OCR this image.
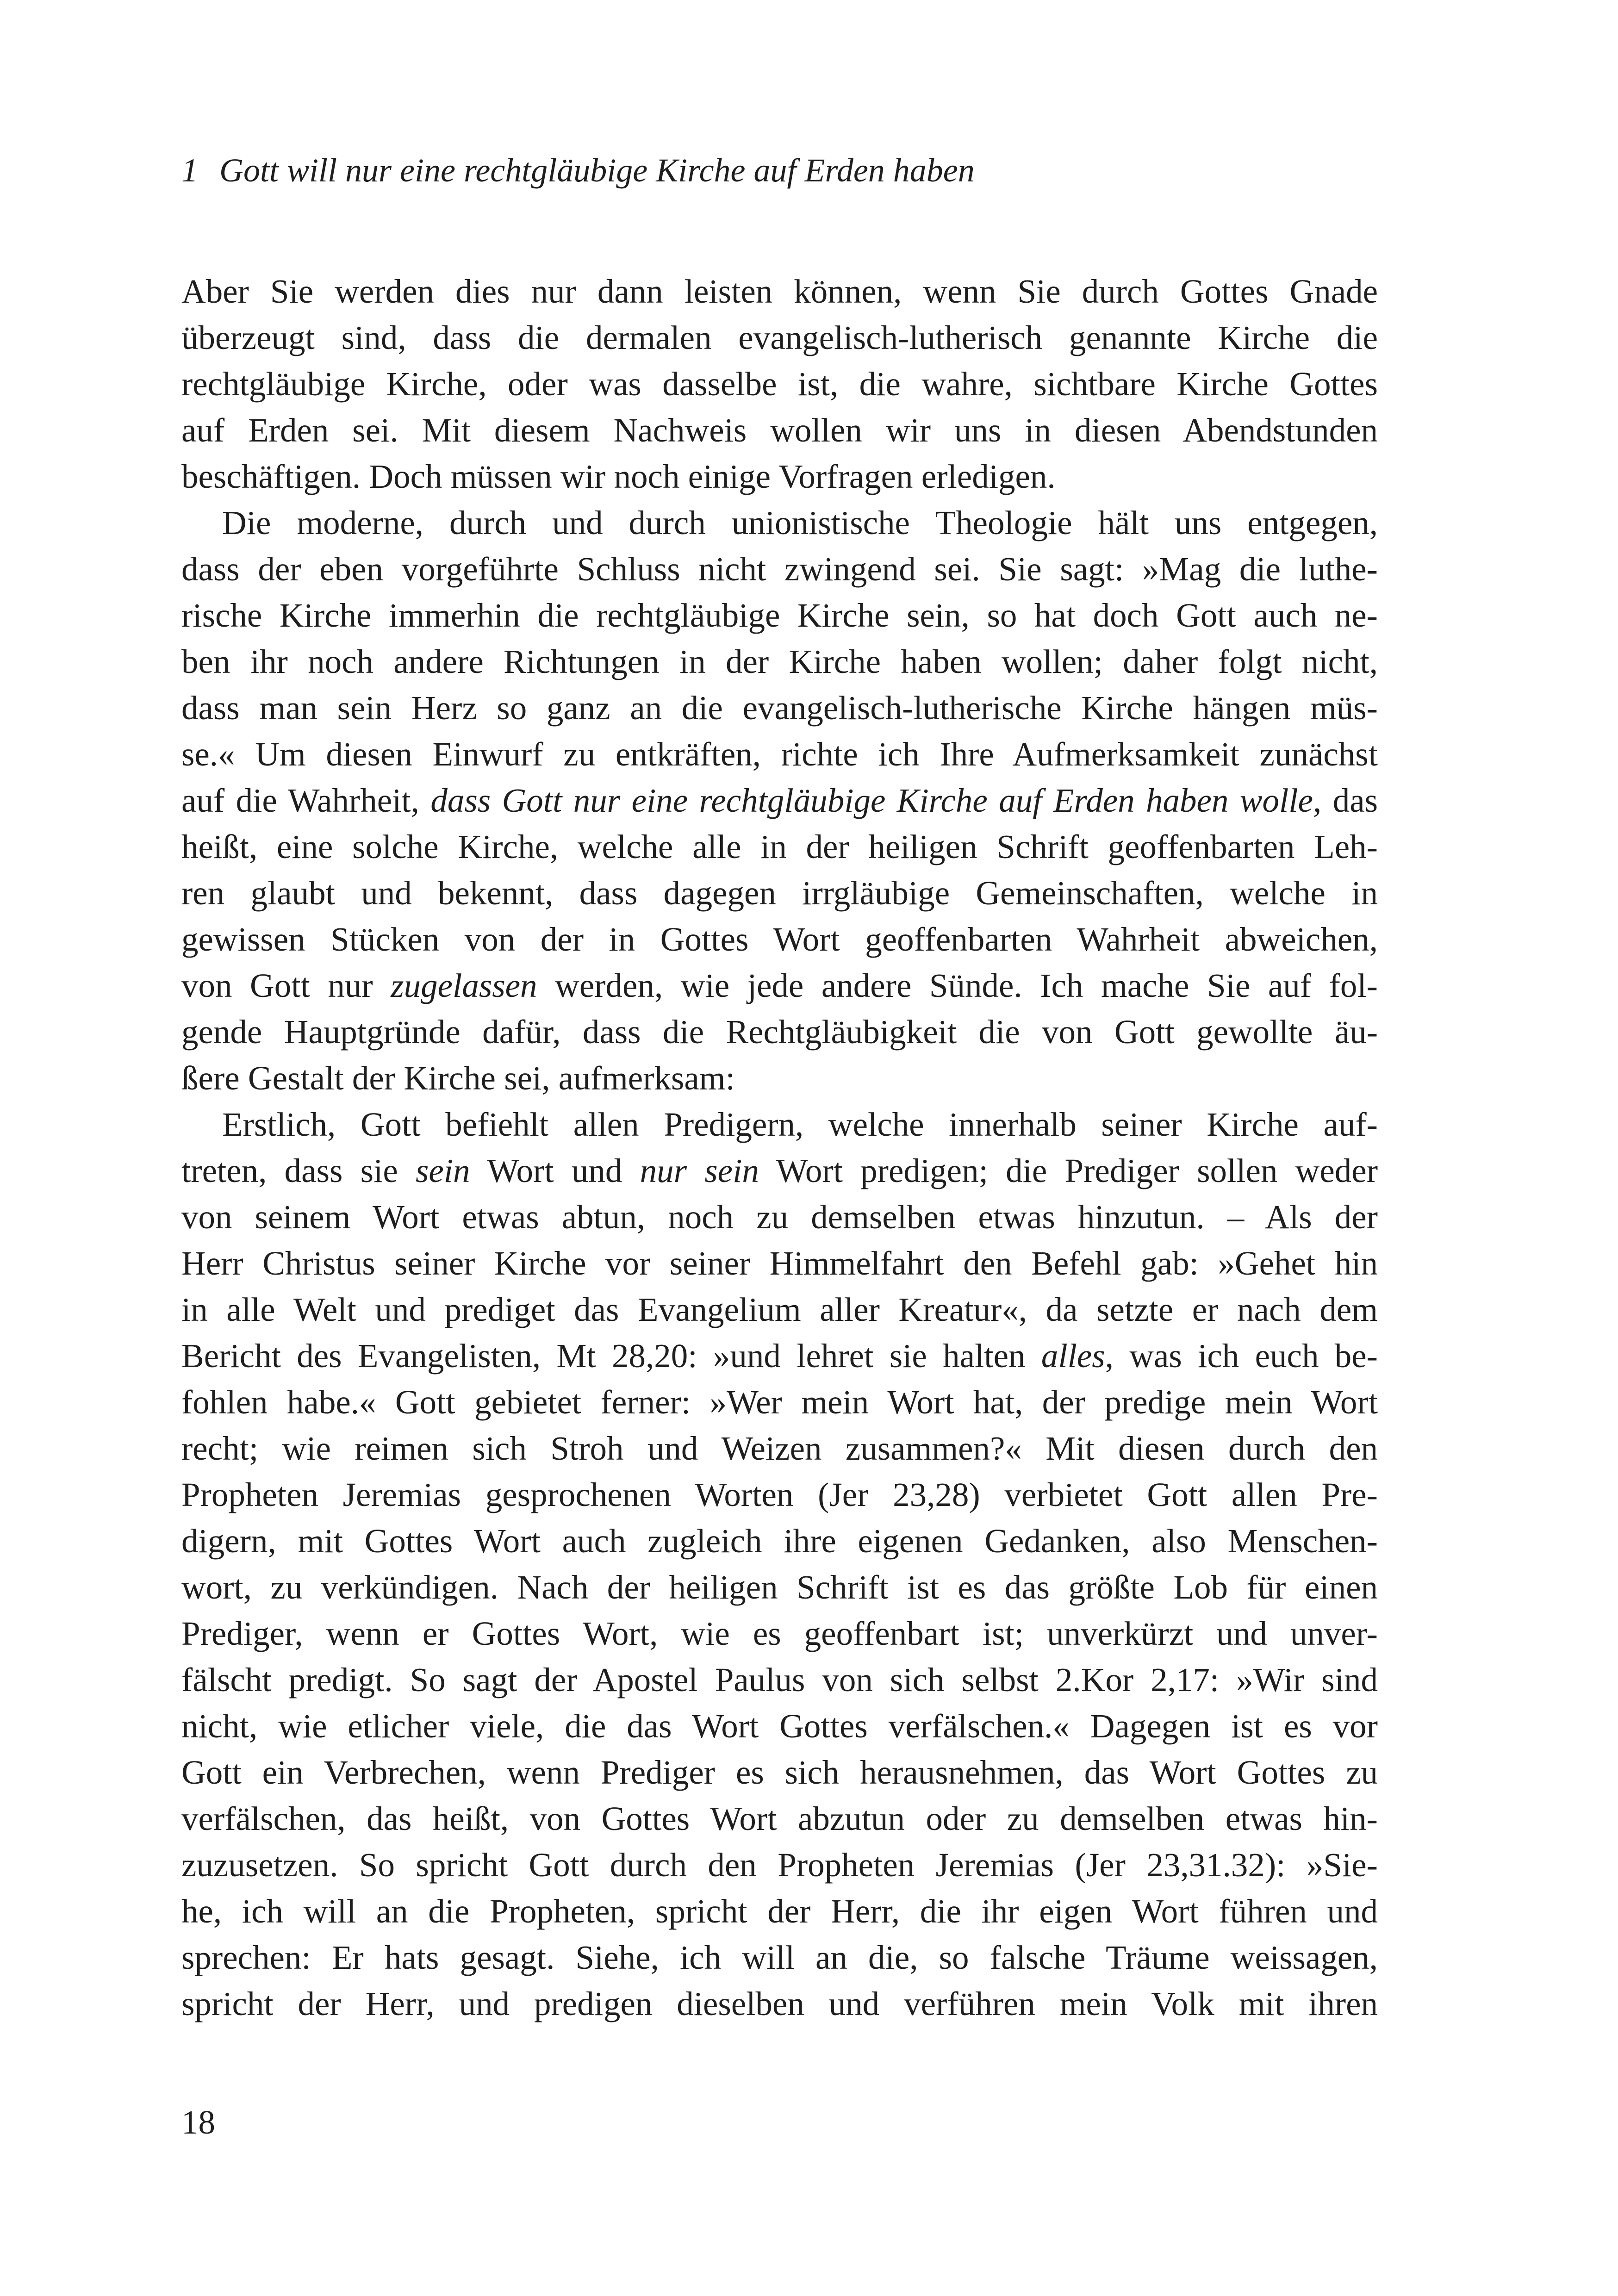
1 Gott will nur eine rechtgläubige Kirche auf Erden haben
Aber Sie werden dies nur dann leisten können, wenn Sie durch Gottes Gnade
überzeugt sind, dass die dermalen evangelisch-lutherisch genannte Kirche die
rechtgläubige Kirche, oder was dasselbe ist, die wahre, sichtbare Kirche Gottes
auf Erden sei. Mit diesem Nachweis wollen wir uns in diesen Abendstunden
beschäftigen. Doch müssen wir noch einige Vorfragen erledigen.
Die moderne, durch und durch unionistische Theologie hält uns entgegen,
dass der eben vorgeführte Schluss nicht zwingend sei. Sie sagt: »Mag die luthe-
rische Kirche immerhin die rechtgläubige Kirche sein, so hat doch Gott auch ne-
ben ihr noch andere Richtungen in der Kirche haben wollen; daher folgt nicht,
dass man sein Herz so ganz an die evangelisch-lutherische Kirche hängen müs-
se.« Um diesen Einwurf zu entkräften, richte ich Ihre Aufmerksamkeit zunächst
auf die Wahrheit, dass Gott nur eine rechtgläubige Kirche auf Erden haben wolle, das
heißt, eine solche Kirche, welche alle in der heiligen Schrift geoffenbarten Leh-
ren glaubt und bekennt, dass dagegen irrgläubige Gemeinschaften, welche in
gewissen Stücken von der in Gottes Wort geoffenbarten Wahrheit abweichen,
von Gott nur zugelassen werden, wie jede andere Sünde. Ich mache Sie auf fol-
gende Hauptgründe dafür, dass die Rechtgläubigkeit die von Gott gewollte äu-
ßere Gestalt der Kirche sei, aufmerksam:
Erstlich, Gott befiehlt allen Predigern, welche innerhalb seiner Kirche auf-
treten, dass sie sein Wort und nur sein Wort predigen; die Prediger sollen weder
von seinem Wort etwas abtun, noch zu demselben etwas hinzutun. – Als der
Herr Christus seiner Kirche vor seiner Himmelfahrt den Befehl gab: »Gehet hin
in alle Welt und prediget das Evangelium aller Kreatur«, da setzte er nach dem
Bericht des Evangelisten, Mt 28,20: »und lehret sie halten alles, was ich euch be-
fohlen habe.« Gott gebietet ferner: »Wer mein Wort hat, der predige mein Wort
recht; wie reimen sich Stroh und Weizen zusammen?« Mit diesen durch den
Propheten Jeremias gesprochenen Worten (Jer 23,28) verbietet Gott allen Pre-
digern, mit Gottes Wort auch zugleich ihre eigenen Gedanken, also Menschen-
wort, zu verkündigen. Nach der heiligen Schrift ist es das größte Lob für einen
Prediger, wenn er Gottes Wort, wie es geoffenbart ist; unverkürzt und unver-
fälscht predigt. So sagt der Apostel Paulus von sich selbst 2.Kor 2,17: »Wir sind
nicht, wie etlicher viele, die das Wort Gottes verfälschen.« Dagegen ist es vor
Gott ein Verbrechen, wenn Prediger es sich herausnehmen, das Wort Gottes zu
verfälschen, das heißt, von Gottes Wort abzutun oder zu demselben etwas hin-
zuzusetzen. So spricht Gott durch den Propheten Jeremias (Jer 23,31.32): »Sie-
he, ich will an die Propheten, spricht der Herr, die ihr eigen Wort führen und
sprechen: Er hats gesagt. Siehe, ich will an die, so falsche Träume weissagen,
spricht der Herr, und predigen dieselben und verführen mein Volk mit ihren
18
